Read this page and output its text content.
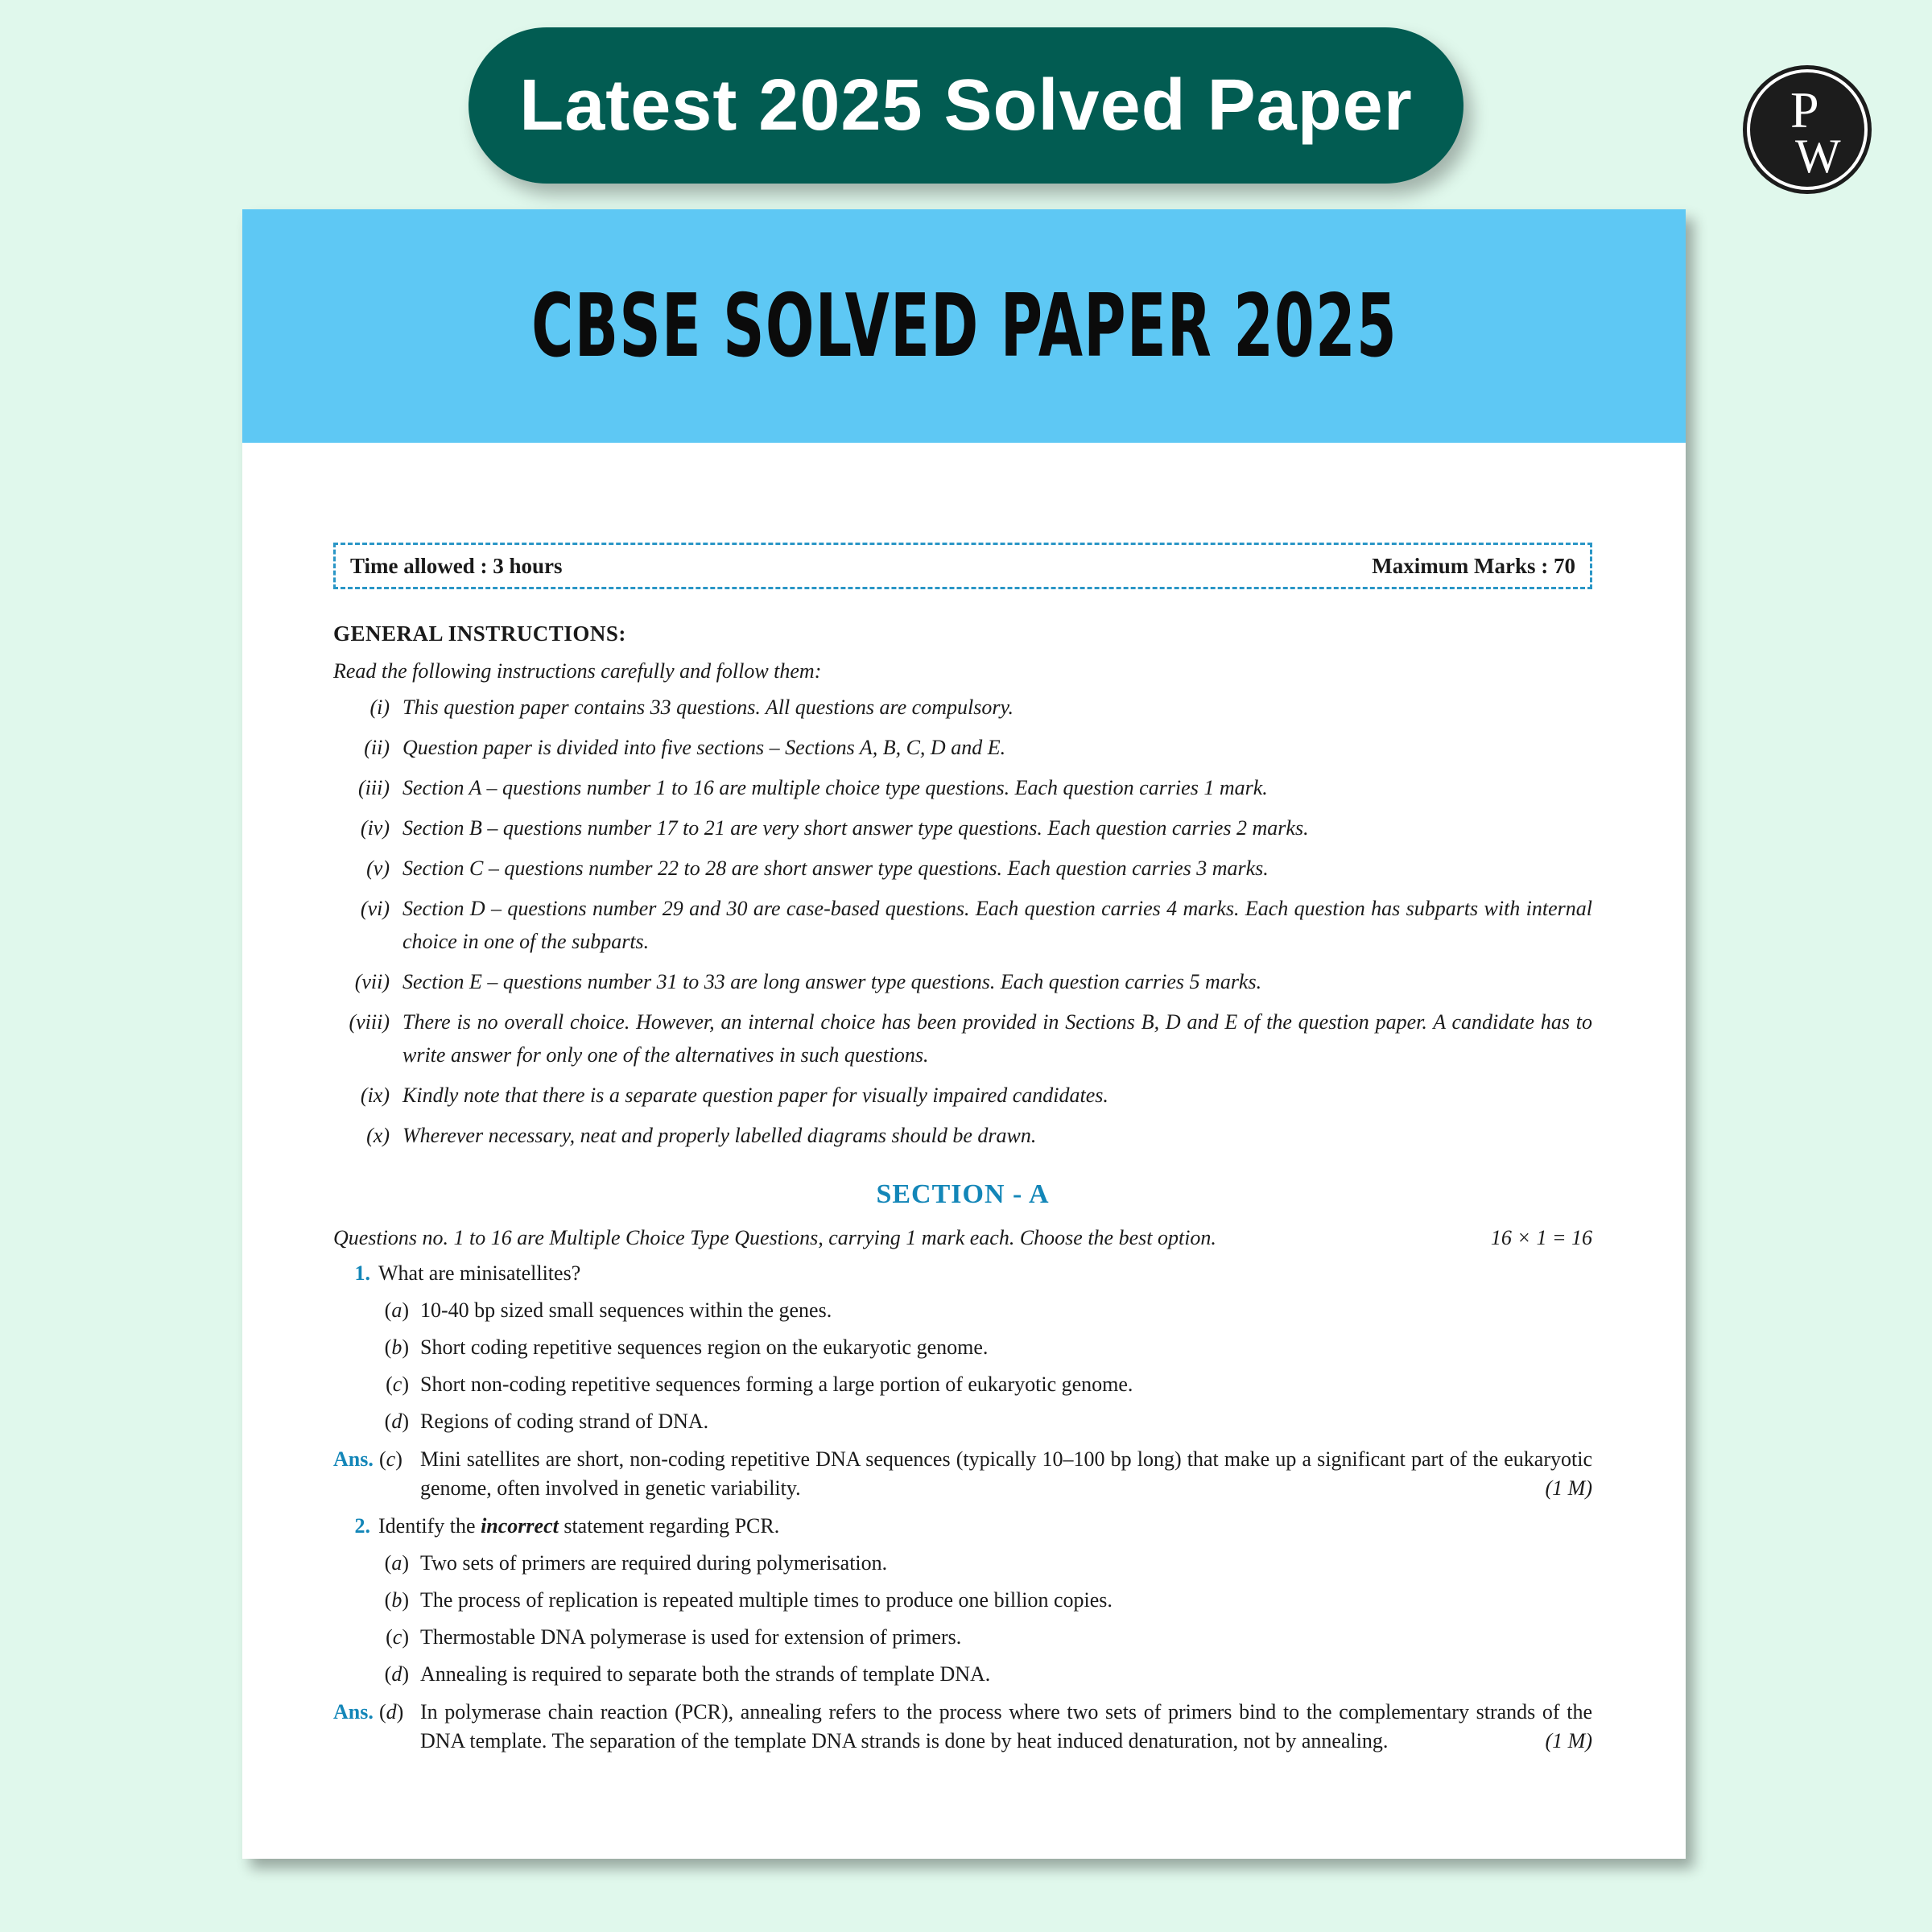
Latest 2025 Solved Paper	P
W
CBSE SOLVED PAPER 2025
Time allowed : 3 hours	Maximum Marks : 70
GENERAL INSTRUCTIONS:
Read the following instructions carefully and follow them:
(i) This question paper contains 33 questions. All questions are compulsory.
(ii) Question paper is divided into five sections – Sections A, B, C, D and E.
(iii) Section A – questions number 1 to 16 are multiple choice type questions. Each question carries 1 mark.
(iv) Section B – questions number 17 to 21 are very short answer type questions. Each question carries 2 marks.
(v) Section C – questions number 22 to 28 are short answer type questions. Each question carries 3 marks.
(vi) Section D – questions number 29 and 30 are case-based questions. Each question carries 4 marks. Each question has subparts with internal choice in one of the subparts.
(vii) Section E – questions number 31 to 33 are long answer type questions. Each question carries 5 marks.
(viii) There is no overall choice. However, an internal choice has been provided in Sections B, D and E of the question paper. A candidate has to write answer for only one of the alternatives in such questions.
(ix) Kindly note that there is a separate question paper for visually impaired candidates.
(x) Wherever necessary, neat and properly labelled diagrams should be drawn.
SECTION - A
Questions no. 1 to 16 are Multiple Choice Type Questions, carrying 1 mark each. Choose the best option.	16 × 1 = 16
1. What are minisatellites?
(a) 10-40 bp sized small sequences within the genes.
(b) Short coding repetitive sequences region on the eukaryotic genome.
(c) Short non-coding repetitive sequences forming a large portion of eukaryotic genome.
(d) Regions of coding strand of DNA.
Ans. (c) Mini satellites are short, non-coding repetitive DNA sequences (typically 10–100 bp long) that make up a significant part of the eukaryotic genome, often involved in genetic variability.	(1 M)
2. Identify the incorrect statement regarding PCR.
(a) Two sets of primers are required during polymerisation.
(b) The process of replication is repeated multiple times to produce one billion copies.
(c) Thermostable DNA polymerase is used for extension of primers.
(d) Annealing is required to separate both the strands of template DNA.
Ans. (d) In polymerase chain reaction (PCR), annealing refers to the process where two sets of primers bind to the complementary strands of the DNA template. The separation of the template DNA strands is done by heat induced denaturation, not by annealing.	(1 M)
